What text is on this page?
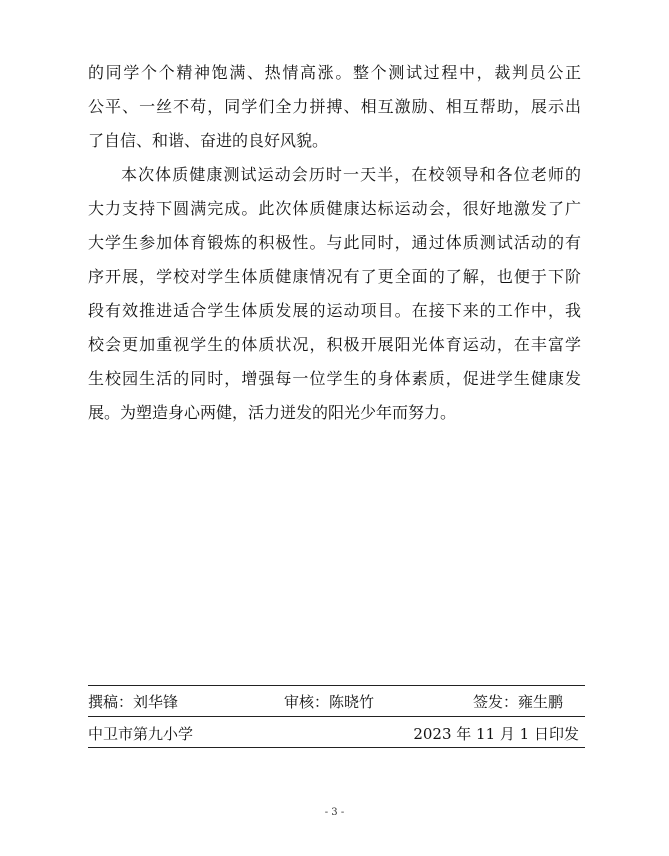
的同学个个精神饱满、热情高涨。整个测试过程中，裁判员公正
公平、一丝不苟，同学们全力拼搏、相互激励、相互帮助，展示出
了自信、和谐、奋进的良好风貌。
本次体质健康测试运动会历时一天半，在校领导和各位老师的
大力支持下圆满完成。此次体质健康达标运动会，很好地激发了广
大学生参加体育锻炼的积极性。与此同时，通过体质测试活动的有
序开展，学校对学生体质健康情况有了更全面的了解，也便于下阶
段有效推进适合学生体质发展的运动项目。在接下来的工作中，我
校会更加重视学生的体质状况，积极开展阳光体育运动，在丰富学
生校园生活的同时，增强每一位学生的身体素质，促进学生健康发
展。为塑造身心两健，活力迸发的阳光少年而努力。
撰稿：刘华锋	审核：陈晓竹	签发：雍生鹏
中卫市第九小学	2023 年 11 月 1 日印发
- 3 -
